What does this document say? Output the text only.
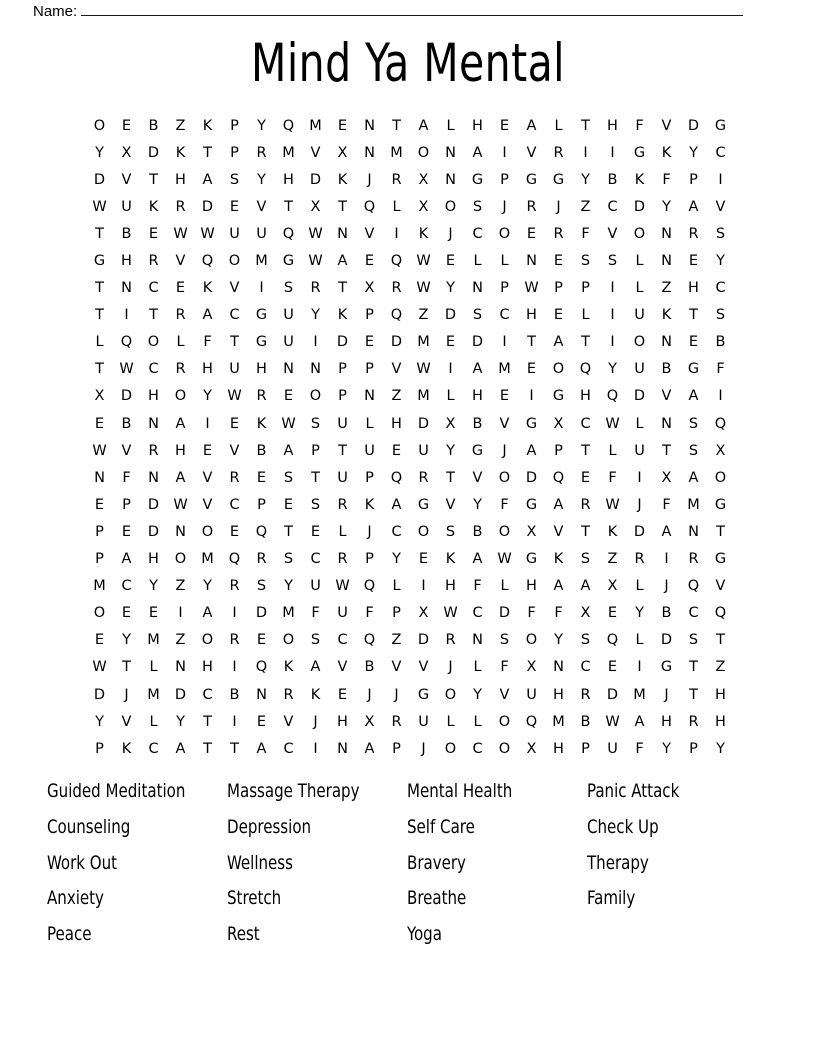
Name:
Mind Ya Mental
O	E	B	Z	K	P	Y	Q	M	E	N	T	A	L	H	E	A	L	T	H	F	V	D	G
Y	X	D	K	T	P	R	M	V	X	N	M	O	N	A	I	V	R	I	I	G	K	Y	C
D	V	T	H	A	S	Y	H	D	K	J	R	X	N	G	P	G	G	Y	B	K	F	P	I
W	U	K	R	D	E	V	T	X	T	Q	L	X	O	S	J	R	J	Z	C	D	Y	A	V
T	B	E	W W	U	U	Q W N	V	I	K	J	C	O	E	R	F	V	O	N	R	S
G	H	R	V	Q	O	M	G W	A	E	Q W	E	L	L	N	E	S	S	L	N	E	Y
T	N	C	E	K	V	I	S	R	T	X	R	W	Y	N	P	W	P	P	I	L	Z	H	C
T	I	T	R	A	C	G	U	Y	K	P	Q	Z	D	S	C	H	E	L	I	U	K	T	S
L	Q	O	L	F	T	G	U	I	D	E	D	M	E	D	I	T	A	T	I	O	N	E	B
T	W	C	R	H	U	H	N	N	P	P	V	W	I	A	M	E	O	Q	Y	U	B	G	F
X	D	H	O	Y	W	R	E	O	P	N	Z	M	L	H	E	I	G	H	Q	D	V	A	I
E	B	N	A	I	E	K	W	S	U	L	H	D	X	B	V	G	X	C	W	L	N	S	Q
W	V	R	H	E	V	B	A	P	T	U	E	U	Y	G	J	A	P	T	L	U	T	S	X
N	F	N	A	V	R	E	S	T	U	P	Q	R	T	V	O	D	Q	E	F	I	X	A	O
E	P	D W	V	C	P	E	S	R	K	A	G	V	Y	F	G	A	R	W	J	F	M	G
P	E	D	N	O	E	Q	T	E	L	J	C	O	S	B	O	X	V	T	K	D	A	N	T
P	A	H	O	M	Q	R	S	C	R	P	Y	E	K	A	W G	K	S	Z	R	I	R	G
M	C	Y	Z	Y	R	S	Y	U	W Q	L	I	H	F	L	H	A	A	X	L	J	Q	V
O	E	E	I	A	I	D	M	F	U	F	P	X	W	C	D	F	F	X	E	Y	B	C	Q
E	Y	M	Z	O	R	E	O	S	C	Q	Z	D	R	N	S	O	Y	S	Q	L	D	S	T
W	T	L	N	H	I	Q	K	A	V	B	V	V	J	L	F	X	N	C	E	I	G	T	Z
D	J	M	D	C	B	N	R	K	E	J	J	G	O	Y	V	U	H	R	D	M	J	T	H
Y	V	L	Y	T	I	E	V	J	H	X	R	U	L	L	O	Q	M	B	W	A	H	R	H
P	K	C	A	T	T	A	C	I	N	A	P	J	O	C	O	X	H	P	U	F	Y	P	Y
Guided Meditation	Massage Therapy	Mental Health	Panic Attack
Counseling	Depression	Self Care	Check Up
Work Out	Wellness	Bravery	Therapy
Anxiety	Stretch	Breathe	Family
Peace	Rest	Yoga
